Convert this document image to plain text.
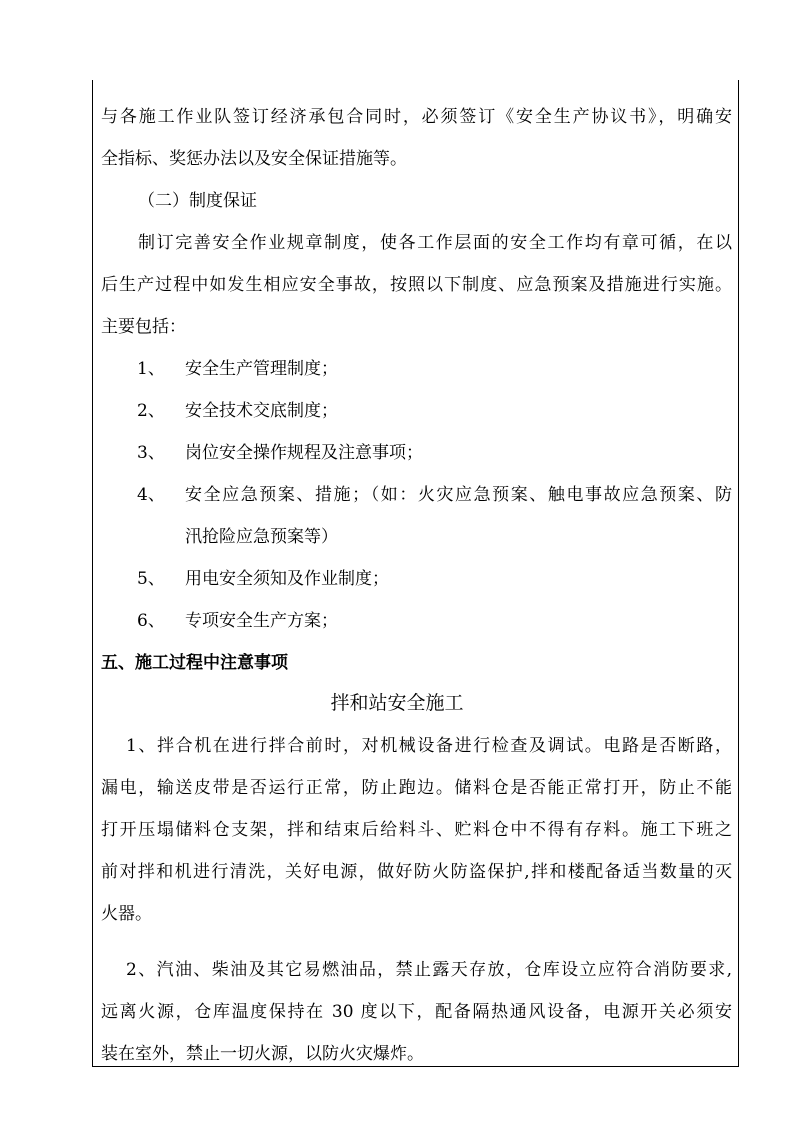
与各施工作业队签订经济承包合同时，必须签订《安全生产协议书》，明确安
全指标、奖惩办法以及安全保证措施等。
（二）制度保证
制订完善安全作业规章制度，使各工作层面的安全工作均有章可循，在以
后生产过程中如发生相应安全事故，按照以下制度、应急预案及措施进行实施。
主要包括：
1、 安全生产管理制度；
2、 安全技术交底制度；
3、 岗位安全操作规程及注意事项；
4、 安全应急预案、措施；（如：火灾应急预案、触电事故应急预案、防
汛抢险应急预案等）
5、 用电安全须知及作业制度；
6、 专项安全生产方案；
五、施工过程中注意事项
拌和站安全施工
1、拌合机在进行拌合前时，对机械设备进行检查及调试。电路是否断路，
漏电，输送皮带是否运行正常，防止跑边。储料仓是否能正常打开，防止不能
打开压塌储料仓支架，拌和结束后给料斗、贮料仓中不得有存料。施工下班之
前对拌和机进行清洗，关好电源，做好防火防盗保护,拌和楼配备适当数量的灭
火器。
2、汽油、柴油及其它易燃油品，禁止露天存放，仓库设立应符合消防要求,
远离火源，仓库温度保持在 30 度以下，配备隔热通风设备，电源开关必须安
装在室外，禁止一切火源，以防火灾爆炸。
